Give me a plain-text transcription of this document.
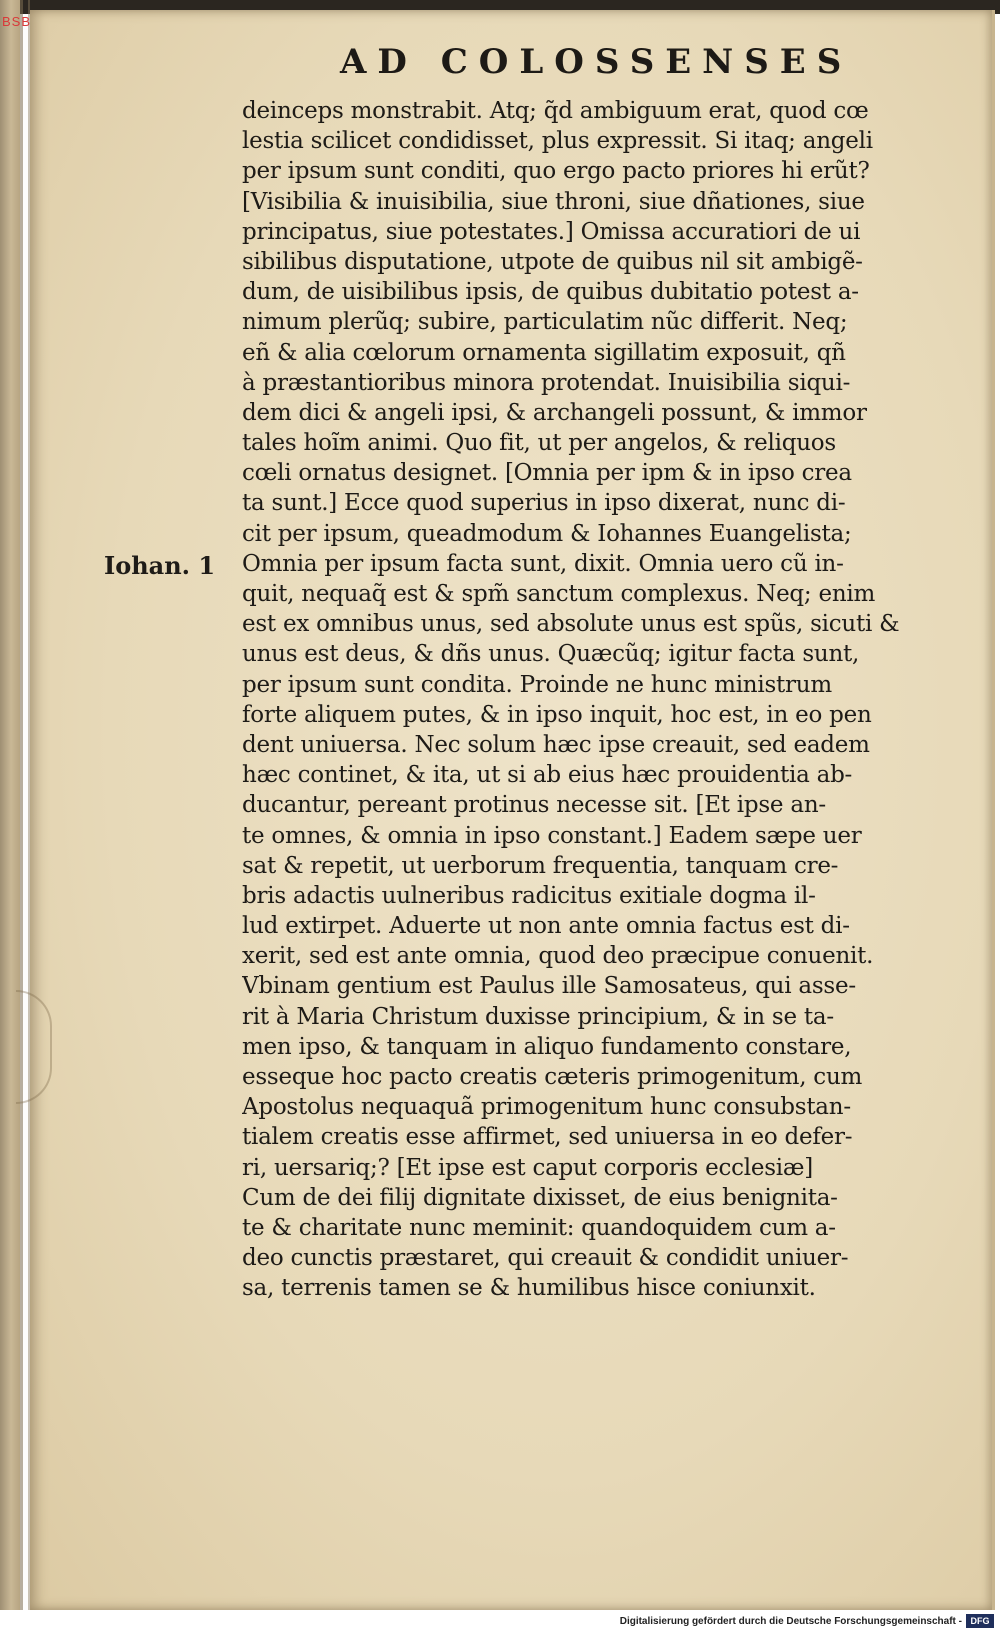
BSB
AD COLOSSENSES
Iohan. 1
deinceps monstrabit. Atq; q̃d ambiguum erat, quod cœ
lestia scilicet condidisset, plus expressit. Si itaq; angeli
per ipsum sunt conditi, quo ergo pacto priores hi erũt?
[Visibilia & inuisibilia, siue throni, siue dñationes, siue
principatus, siue potestates.] Omissa accuratiori de ui
sibilibus disputatione, utpote de quibus nil sit ambigẽ-
dum, de uisibilibus ipsis, de quibus dubitatio potest a-
nimum plerũq; subire, particulatim nũc differit. Neq;
eñ & alia cœlorum ornamenta sigillatim exposuit, qñ
à præstantioribus minora protendat. Inuisibilia siqui-
dem dici & angeli ipsi, & archangeli possunt, & immor
tales hoĩm animi. Quo fit, ut per angelos, & reliquos
cœli ornatus designet. [Omnia per ipm & in ipso crea
ta sunt.] Ecce quod superius in ipso dixerat, nunc di-
cit per ipsum, queadmodum & Iohannes Euangelista;
Omnia per ipsum facta sunt, dixit. Omnia uero cũ in-
quit, nequaq̃ est & spm̃ sanctum complexus. Neq; enim
est ex omnibus unus, sed absolute unus est spũs, sicuti &
unus est deus, & dñs unus. Quæcũq; igitur facta sunt,
per ipsum sunt condita. Proinde ne hunc ministrum
forte aliquem putes, & in ipso inquit, hoc est, in eo pen
dent uniuersa. Nec solum hæc ipse creauit, sed eadem
hæc continet, & ita, ut si ab eius hæc prouidentia ab-
ducantur, pereant protinus necesse sit. [Et ipse an-
te omnes, & omnia in ipso constant.] Eadem sæpe uer
sat & repetit, ut uerborum frequentia, tanquam cre-
bris adactis uulneribus radicitus exitiale dogma il-
lud extirpet. Aduerte ut non ante omnia factus est di-
xerit, sed est ante omnia, quod deo præcipue conuenit.
Vbinam gentium est Paulus ille Samosateus, qui asse-
rit à Maria Christum duxisse principium, & in se ta-
men ipso, & tanquam in aliquo fundamento constare,
esseque hoc pacto creatis cæteris primogenitum, cum
Apostolus nequaquã primogenitum hunc consubstan-
tialem creatis esse affirmet, sed uniuersa in eo defer-
ri, uersariq;? [Et ipse est caput corporis ecclesiæ]
Cum de dei filij dignitate dixisset, de eius benignita-
te & charitate nunc meminit: quandoquidem cum a-
deo cunctis præstaret, qui creauit & condidit uniuer-
sa, terrenis tamen se & humilibus hisce coniunxit.
Digitalisierung gefördert durch die Deutsche Forschungsgemeinschaft - DFG
